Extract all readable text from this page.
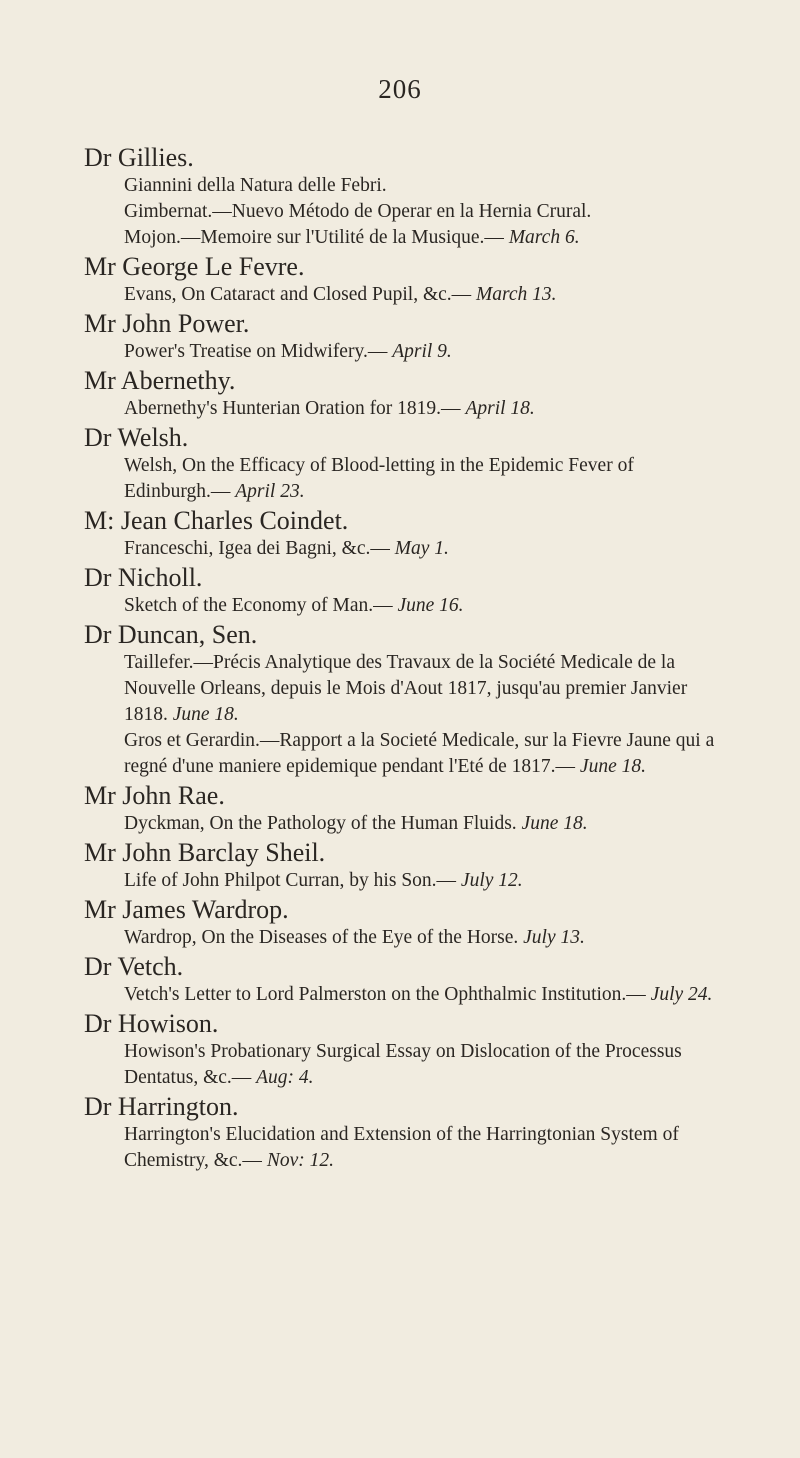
206
Dr Gillies.
Giannini della Natura delle Febri.
Gimbernat.—Nuevo Método de Operar en la Hernia Crural.
Mojon.—Memoire sur l'Utilité de la Musique.— March 6.
Mr George Le Fevre.
Evans, On Cataract and Closed Pupil, &c.— March 13.
Mr John Power.
Power's Treatise on Midwifery.— April 9.
Mr Abernethy.
Abernethy's Hunterian Oration for 1819.— April 18.
Dr Welsh.
Welsh, On the Efficacy of Blood-letting in the Epidemic Fever of Edinburgh.— April 23.
M: Jean Charles Coindet.
Franceschi, Igea dei Bagni, &c.— May 1.
Dr Nicholl.
Sketch of the Economy of Man.— June 16.
Dr Duncan, Sen.
Taillefer.—Précis Analytique des Travaux de la Société Medicale de la Nouvelle Orleans, depuis le Mois d'Aout 1817, jusqu'au premier Janvier 1818. June 18.
Gros et Gerardin.—Rapport a la Societé Medicale, sur la Fievre Jaune qui a regné d'une maniere epidemique pendant l'Eté de 1817.— June 18.
Mr John Rae.
Dyckman, On the Pathology of the Human Fluids. June 18.
Mr John Barclay Sheil.
Life of John Philpot Curran, by his Son.— July 12.
Mr James Wardrop.
Wardrop, On the Diseases of the Eye of the Horse. July 13.
Dr Vetch.
Vetch's Letter to Lord Palmerston on the Ophthalmic Institution.— July 24.
Dr Howison.
Howison's Probationary Surgical Essay on Dislocation of the Processus Dentatus, &c.— Aug: 4.
Dr Harrington.
Harrington's Elucidation and Extension of the Harringtonian System of Chemistry, &c.— Nov: 12.
